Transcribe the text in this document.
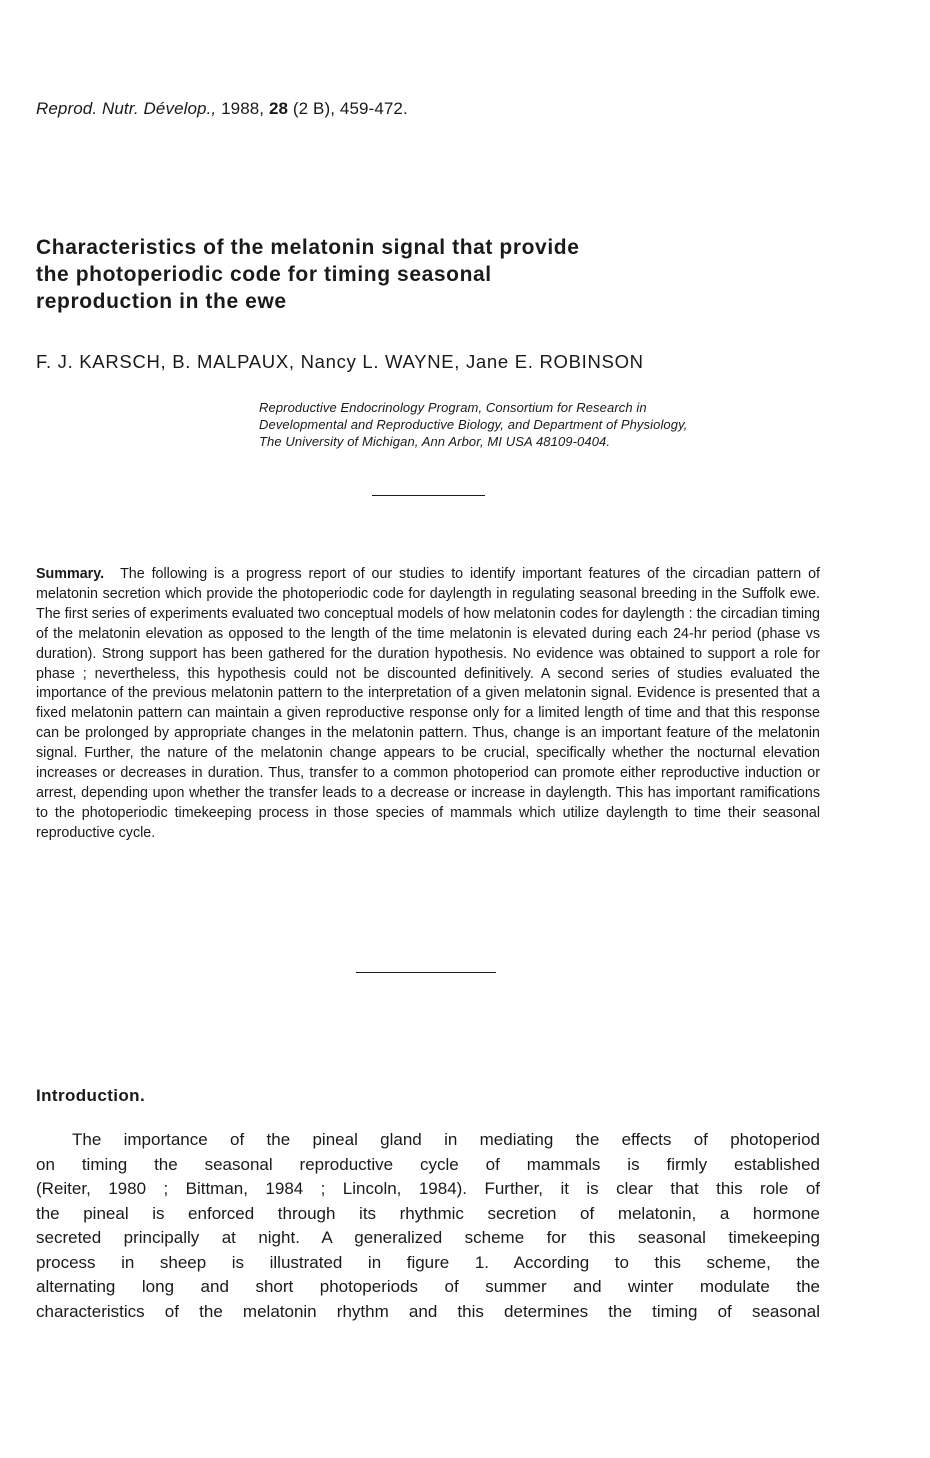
Reprod. Nutr. Dévelop., 1988, 28 (2 B), 459-472.
Characteristics of the melatonin signal that provide
the photoperiodic code for timing seasonal
reproduction in the ewe
F. J. KARSCH, B. MALPAUX, Nancy L. WAYNE, Jane E. ROBINSON
Reproductive Endocrinology Program, Consortium for Research in
Developmental and Reproductive Biology, and Department of Physiology,
The University of Michigan, Ann Arbor, MI USA 48109-0404.

Summary. The following is a progress report of our studies to identify important features of the circadian pattern of melatonin secretion which provide the photoperiodic code for daylength in regulating seasonal breeding in the Suffolk ewe. The first series of experiments evaluated two conceptual models of how melatonin codes for daylength : the circadian timing of the melatonin elevation as opposed to the length of the time melatonin is elevated during each 24-hr period (phase vs duration). Strong support has been gathered for the duration hypothesis. No evidence was obtained to support a role for phase ; nevertheless, this hypothesis could not be discounted definitively. A second series of studies evaluated the importance of the previous melatonin pattern to the interpretation of a given melatonin signal. Evidence is presented that a fixed melatonin pattern can maintain a given reproductive response only for a limited length of time and that this response can be prolonged by appropriate changes in the melatonin pattern. Thus, change is an important feature of the melatonin signal. Further, the nature of the melatonin change appears to be crucial, specifically whether the nocturnal elevation increases or decreases in duration. Thus, transfer to a common photoperiod can promote either reproductive induction or arrest, depending upon whether the transfer leads to a decrease or increase in daylength. This has important ramifications to the photoperiodic timekeeping process in those species of mammals which utilize daylength to time their seasonal reproductive cycle.

Introduction.
The importance of the pineal gland in mediating the effects of photoperiod
on timing the seasonal reproductive cycle of mammals is firmly established
(Reiter, 1980 ; Bittman, 1984 ; Lincoln, 1984). Further, it is clear that this role of
the pineal is enforced through its rhythmic secretion of melatonin, a hormone
secreted principally at night. A generalized scheme for this seasonal timekeeping
process in sheep is illustrated in figure 1. According to this scheme, the
alternating long and short photoperiods of summer and winter modulate the
characteristics of the melatonin rhythm and this determines the timing of seasonal
